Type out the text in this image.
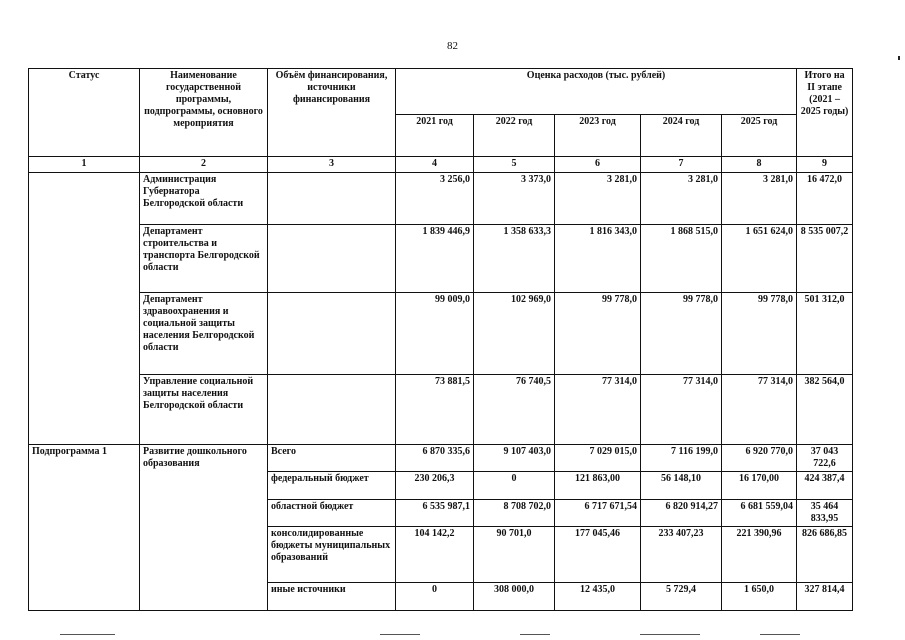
82
Статус	Наименование государственной программы, подпрограммы, основного мероприятия	Объём финансирования, источники финансирования	Оценка расходов (тыс. рублей)					Итого на II этапе (2021 – 2025 годы)
			2021 год	2022 год	2023 год	2024 год	2025 год	
1	2	3	4	5	6	7	8	9
	Администрация Губернатора Белгородской области		3 256,0	3 373,0	3 281,0	3 281,0	3 281,0	16 472,0
	Департамент строительства и транспорта Белгородской области		1 839 446,9	1 358 633,3	1 816 343,0	1 868 515,0	1 651 624,0	8 535 007,2
	Департамент здравоохранения и социальной защиты населения Белгородской области		99 009,0	102 969,0	99 778,0	99 778,0	99 778,0	501 312,0
	Управление социальной защиты населения Белгородской области		73 881,5	76 740,5	77 314,0	77 314,0	77 314,0	382 564,0
Подпрограмма 1	Развитие дошкольного образования	Всего	6 870 335,6	9 107 403,0	7 029 015,0	7 116 199,0	6 920 770,0	37 043 722,6
		федеральный бюджет	230 206,3	0	121 863,00	56 148,10	16 170,00	424 387,4
		областной бюджет	6 535 987,1	8 708 702,0	6 717 671,54	6 820 914,27	6 681 559,04	35 464 833,95
		консолидированные бюджеты муниципальных образований	104 142,2	90 701,0	177 045,46	233 407,23	221 390,96	826 686,85
		иные источники	0	308 000,0	12 435,0	5 729,4	1 650,0	327 814,4
